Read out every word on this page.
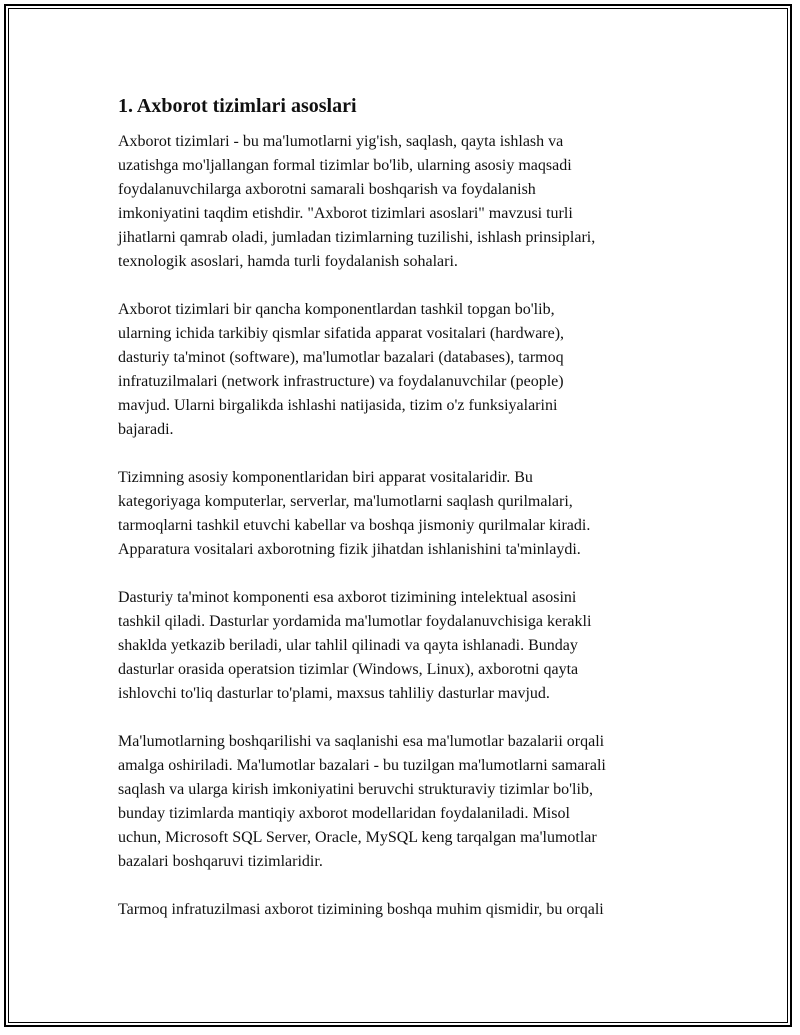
1. Axborot tizimlari asoslari

Axborot tizimlari - bu ma'lumotlarni yig'ish, saqlash, qayta ishlash va
uzatishga mo'ljallangan formal tizimlar bo'lib, ularning asosiy maqsadi
foydalanuvchilarga axborotni samarali boshqarish va foydalanish
imkoniyatini taqdim etishdir. "Axborot tizimlari asoslari" mavzusi turli
jihatlarni qamrab oladi, jumladan tizimlarning tuzilishi, ishlash prinsiplari,
texnologik asoslari, hamda turli foydalanish sohalari.

Axborot tizimlari bir qancha komponentlardan tashkil topgan bo'lib,
ularning ichida tarkibiy qismlar sifatida apparat vositalari (hardware),
dasturiy ta'minot (software), ma'lumotlar bazalari (databases), tarmoq
infratuzilmalari (network infrastructure) va foydalanuvchilar (people)
mavjud. Ularni birgalikda ishlashi natijasida, tizim o'z funksiyalarini
bajaradi.

Tizimning asosiy komponentlaridan biri apparat vositalaridir. Bu
kategoriyaga komputerlar, serverlar, ma'lumotlarni saqlash qurilmalari,
tarmoqlarni tashkil etuvchi kabellar va boshqa jismoniy qurilmalar kiradi.
Apparatura vositalari axborotning fizik jihatdan ishlanishini ta'minlaydi.

Dasturiy ta'minot komponenti esa axborot tizimining intelektual asosini
tashkil qiladi. Dasturlar yordamida ma'lumotlar foydalanuvchisiga kerakli
shaklda yetkazib beriladi, ular tahlil qilinadi va qayta ishlanadi. Bunday
dasturlar orasida operatsion tizimlar (Windows, Linux), axborotni qayta
ishlovchi to'liq dasturlar to'plami, maxsus tahliliy dasturlar mavjud.

Ma'lumotlarning boshqarilishi va saqlanishi esa ma'lumotlar bazalarii orqali
amalga oshiriladi. Ma'lumotlar bazalari - bu tuzilgan ma'lumotlarni samarali
saqlash va ularga kirish imkoniyatini beruvchi strukturaviy tizimlar bo'lib,
bunday tizimlarda mantiqiy axborot modellaridan foydalaniladi. Misol
uchun, Microsoft SQL Server, Oracle, MySQL keng tarqalgan ma'lumotlar
bazalari boshqaruvi tizimlaridir.

Tarmoq infratuzilmasi axborot tizimining boshqa muhim qismidir, bu orqali
